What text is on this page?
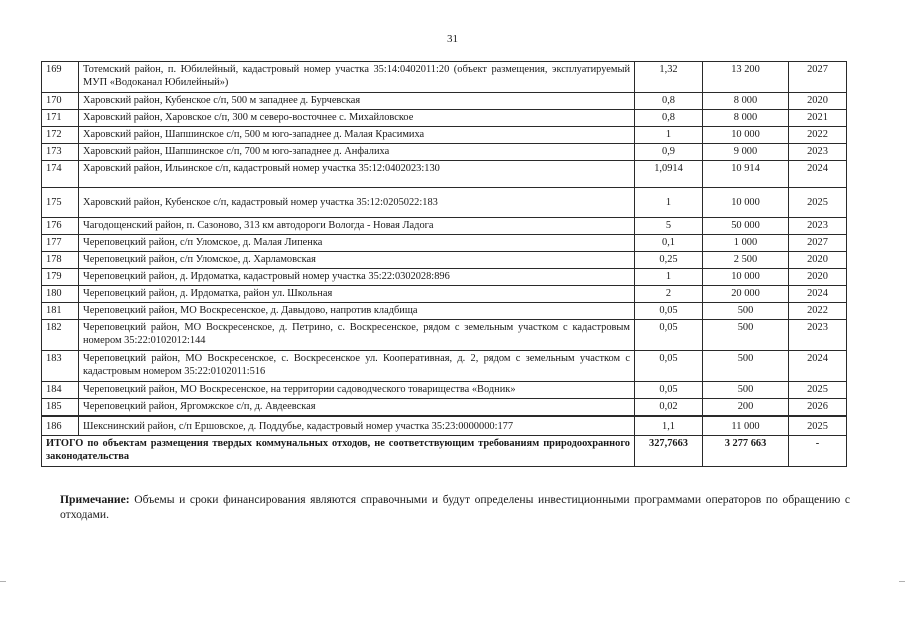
31
169	Тотемский район, п. Юбилейный, кадастровый номер участка 35:14:0402011:20 (объект размещения, эксплуатируемый МУП «Водоканал Юбилейный»)	1,32	13 200	2027
170	Харовский район, Кубенское с/п, 500 м западнее д. Бурчевская	0,8	8 000	2020
171	Харовский район, Харовское с/п, 300 м северо-восточнее с. Михайловское	0,8	8 000	2021
172	Харовский район, Шапшинское с/п, 500 м юго-западнее д. Малая Красимиха	1	10 000	2022
173	Харовский район, Шапшинское с/п, 700 м юго-западнее д. Анфалиха	0,9	9 000	2023
174	Харовский район, Ильинское с/п, кадастровый номер участка 35:12:0402023:130	1,0914	10 914	2024
175	Харовский район, Кубенское с/п, кадастровый номер участка 35:12:0205022:183	1	10 000	2025
176	Чагодощенский район, п. Сазоново, 313 км автодороги Вологда - Новая Ладога	5	50 000	2023
177	Череповецкий район, с/п Уломское, д. Малая Липенка	0,1	1 000	2027
178	Череповецкий район, с/п Уломское, д. Харламовская	0,25	2 500	2020
179	Череповецкий район, д. Ирдоматка, кадастровый номер участка 35:22:0302028:896	1	10 000	2020
180	Череповецкий район, д. Ирдоматка, район ул. Школьная	2	20 000	2024
181	Череповецкий район, МО Воскресенское, д. Давыдово, напротив кладбища	0,05	500	2022
182	Череповецкий район, МО Воскресенское, д. Петрино, с. Воскресенское, рядом с земельным участком с кадастровым номером 35:22:0102012:144	0,05	500	2023
183	Череповецкий район, МО Воскресенское, с. Воскресенское ул. Кооперативная, д. 2, рядом с земельным участком с кадастровым номером 35:22:0102011:516	0,05	500	2024
184	Череповецкий район, МО Воскресенское, на территории садоводческого товарищества «Водник»	0,05	500	2025
185	Череповецкий район, Яргомжское с/п, д. Авдеевская	0,02	200	2026
186	Шекснинский район, с/п Ершовское, д. Поддубье, кадастровый номер участка 35:23:0000000:177	1,1	11 000	2025
ИТОГО по объектам размещения твердых коммунальных отходов, не соответствующим требованиям природоохранного законодательства		327,7663	3 277 663	-
Примечание: Объемы и сроки финансирования являются справочными и будут определены инвестиционными программами операторов по обращению с отходами.
